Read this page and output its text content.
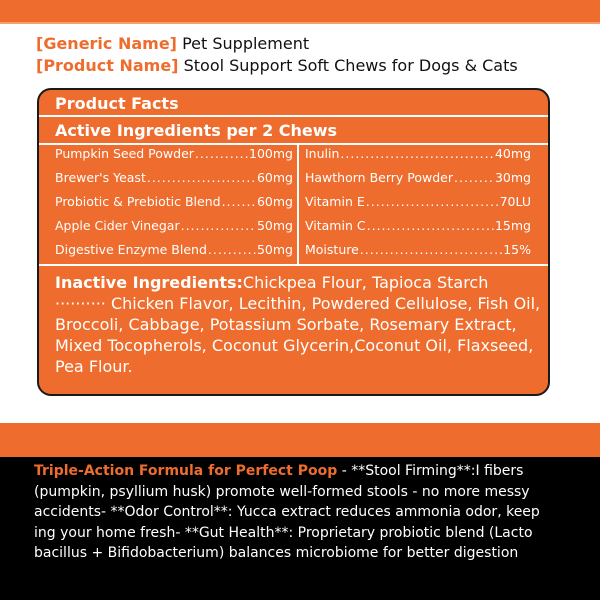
[Generic Name] Pet Supplement
[Product Name] Stool Support Soft Chews for Dogs & Cats
Product Facts
Active Ingredients per 2 Chews
Pumpkin Seed Powder .....	100mg
Brewer's Yeast .....	60mg
Probiotic & Prebiotic Blend .....	60mg
Apple Cider Vinegar .....	50mg
Digestive Enzyme Blend .....	50mg
Inulin .....	40mg
Hawthorn Berry Powder .....	30mg
Vitamin E .....	70LU
Vitamin C .....	15mg
Moisture .....	15%
Inactive Ingredients:Chickpea Flour, Tapioca Starch ·········· Chicken Flavor, Lecithin, Powdered Cellulose, Fish Oil, Broccoli, Cabbage, Potassium Sorbate, Rosemary Extract, Mixed Tocopherols, Coconut Glycerin,Coconut Oil, Flaxseed, Pea Flour.
Triple-Action Formula for Perfect Poop - **Stool Firming**:I fibers (pumpkin, psyllium husk) promote well-formed stools - no more messy accidents- **Odor Control**: Yucca extract reduces ammonia odor, keeping your home fresh- **Gut Health**: Proprietary probiotic blend (Lactobacillus + Bifidobacterium) balances microbiome for better digestion
